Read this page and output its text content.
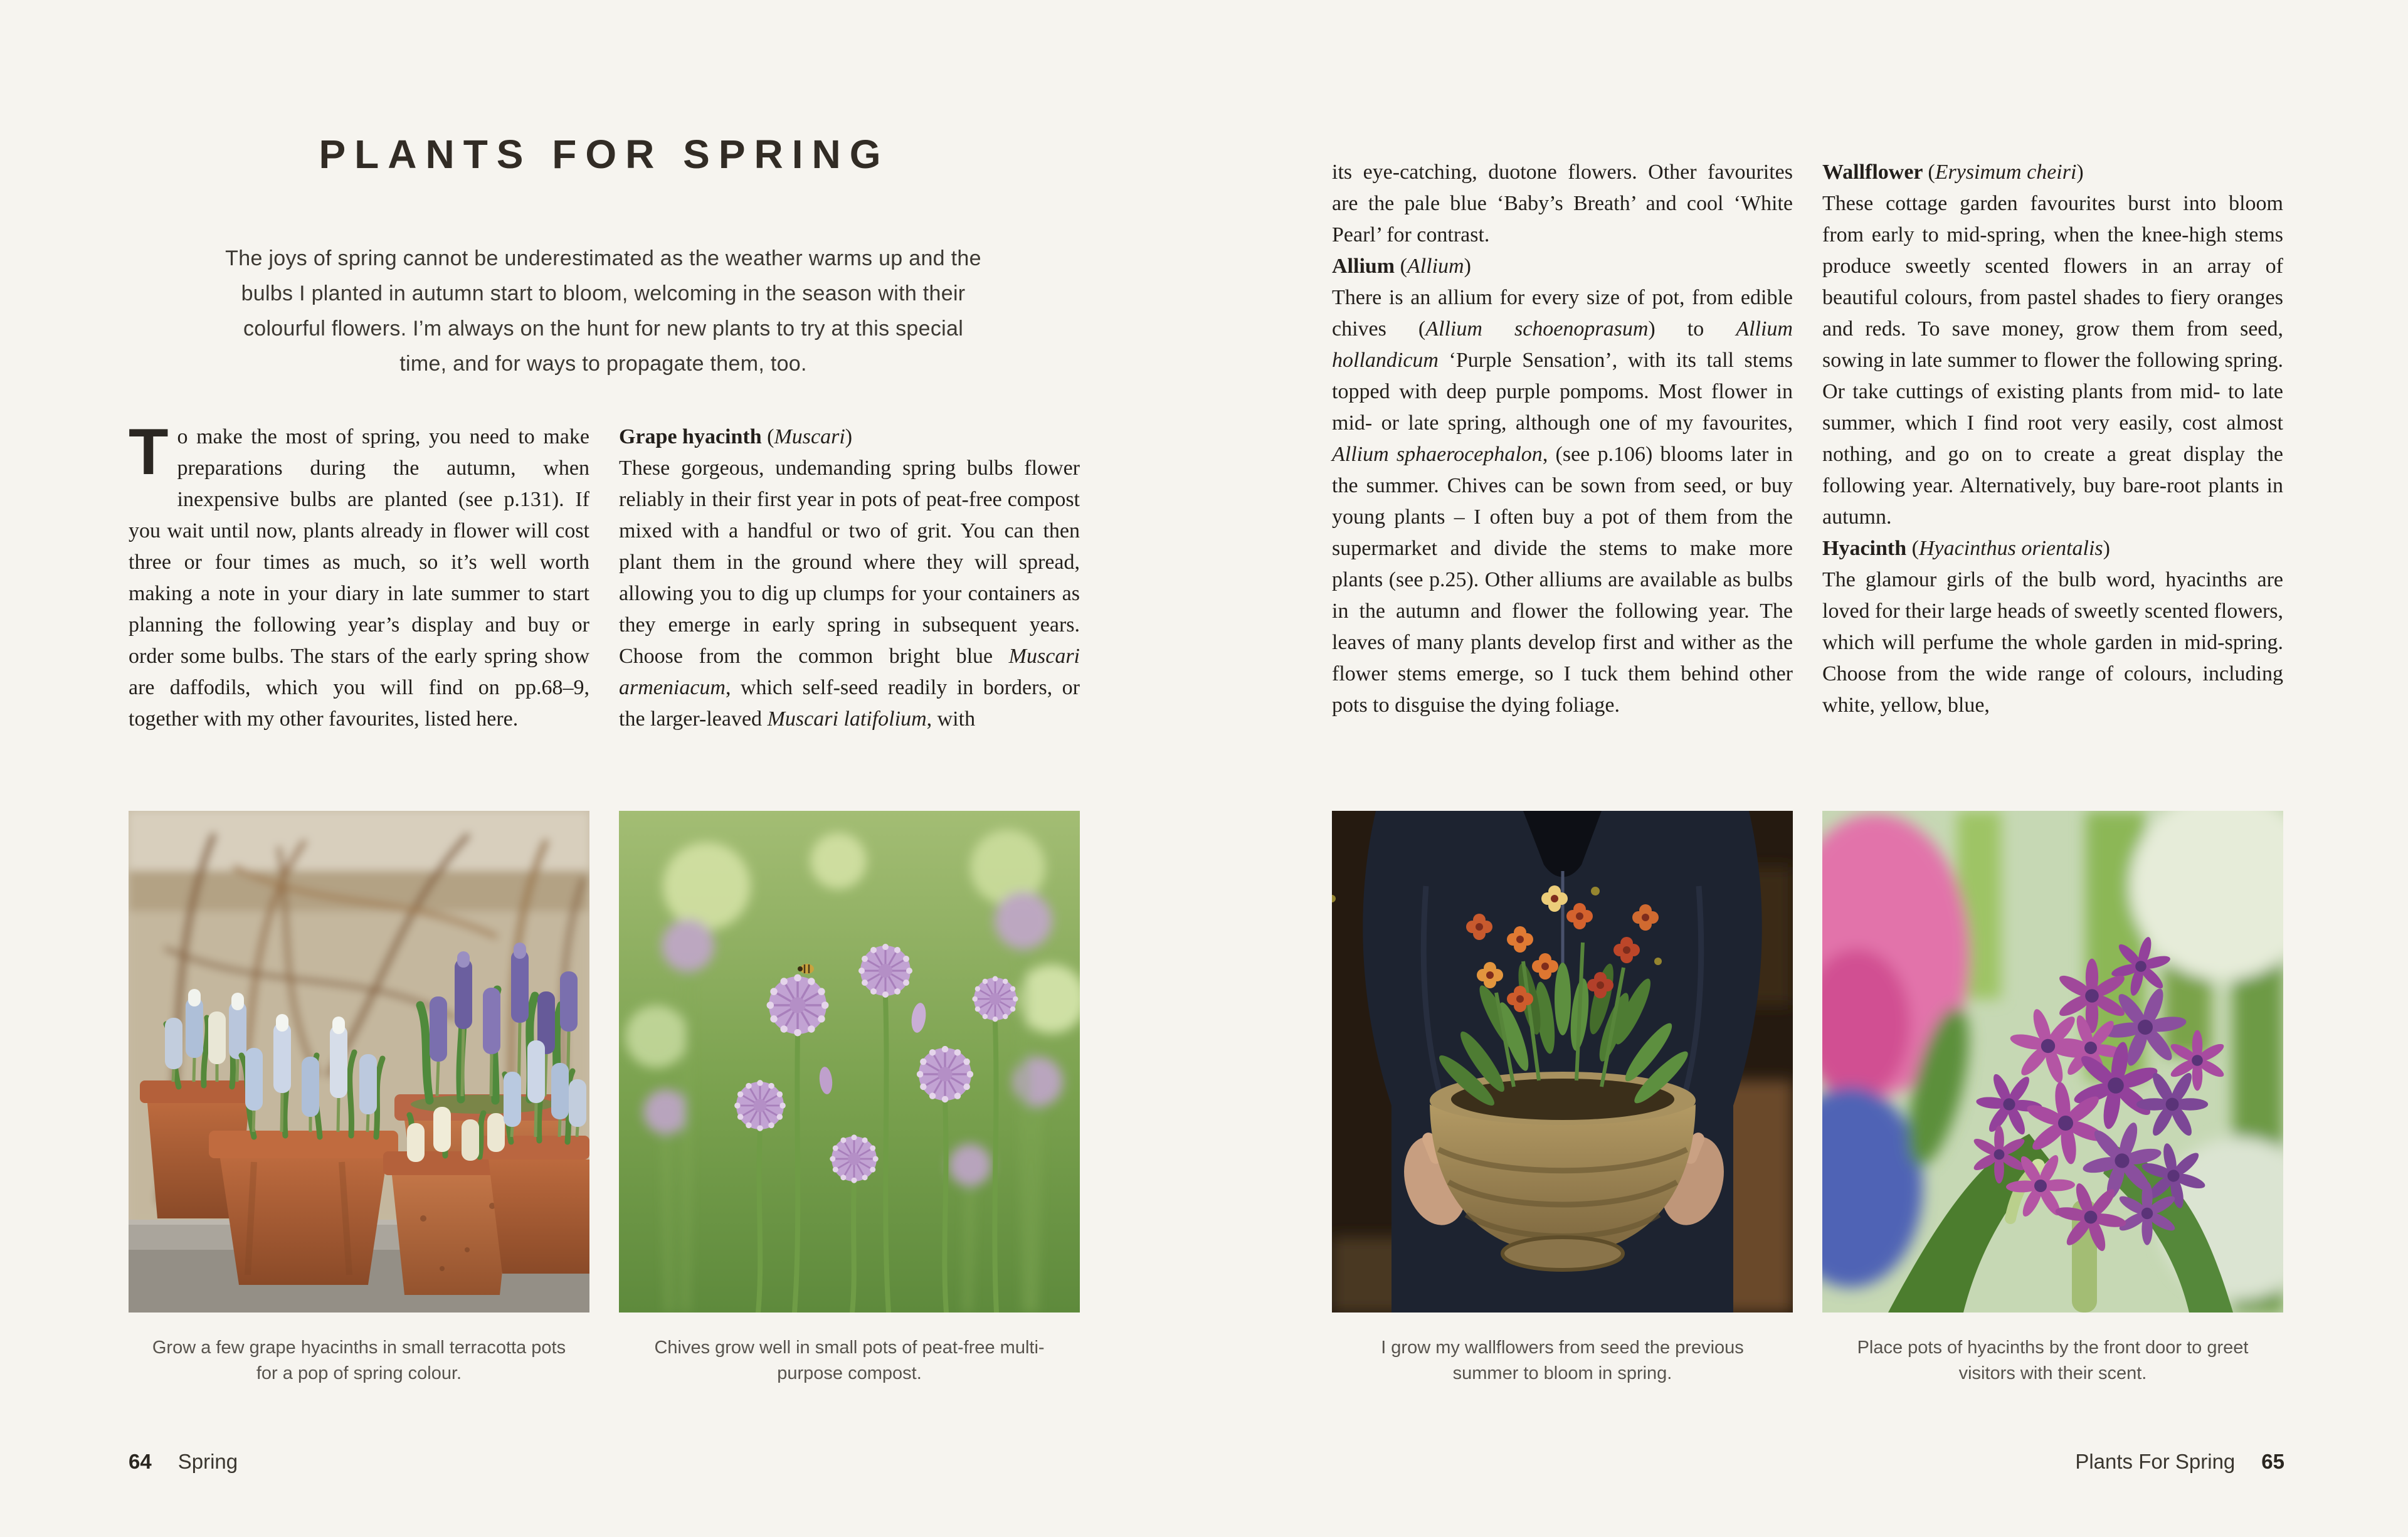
PLANTS FOR SPRING

The joys of spring cannot be underestimated as the weather warms up and the bulbs I planted in autumn start to bloom, welcoming in the season with their colourful flowers. I’m always on the hunt for new plants to try at this special time, and for ways to propagate them, too.

To make the most of spring, you need to make preparations during the autumn, when inexpensive bulbs are planted (see p.131). If you wait until now, plants already in flower will cost three or four times as much, so it’s well worth making a note in your diary in late summer to start planning the following year’s display and buy or order some bulbs. The stars of the early spring show are daffodils, which you will find on pp.68–9, together with my other favourites, listed here.

Grape hyacinth (Muscari)

These gorgeous, undemanding spring bulbs flower reliably in their first year in pots of peat-free compost mixed with a handful or two of grit. You can then plant them in the ground where they will spread, allowing you to dig up clumps for your containers as they emerge in early spring in subsequent years. Choose from the common bright blue Muscari armeniacum, which self-seed readily in borders, or the larger-leaved Muscari latifolium, with

Grow a few grape hyacinths in small terracotta pots for a pop of spring colour.
Chives grow well in small pots of peat-free multi-purpose compost.
64 Spring

its eye-catching, duotone flowers. Other favourites are the pale blue ‘Baby’s Breath’ and cool ‘White Pearl’ for contrast.

Allium (Allium)

There is an allium for every size of pot, from edible chives (Allium schoenoprasum) to Allium hollandicum ‘Purple Sensation’, with its tall stems topped with deep purple pompoms. Most flower in mid- or late spring, although one of my favourites, Allium sphaerocephalon, (see p.106) blooms later in the summer. Chives can be sown from seed, or buy young plants – I often buy a pot of them from the supermarket and divide the stems to make more plants (see p.25). Other alliums are available as bulbs in the autumn and flower the following year. The leaves of many plants develop first and wither as the flower stems emerge, so I tuck them behind other pots to disguise the dying foliage.

Wallflower (Erysimum cheiri)

These cottage garden favourites burst into bloom from early to mid-spring, when the knee-high stems produce sweetly scented flowers in an array of beautiful colours, from pastel shades to fiery oranges and reds. To save money, grow them from seed, sowing in late summer to flower the following spring. Or take cuttings of existing plants from mid- to late summer, which I find root very easily, cost almost nothing, and go on to create a great display the following year. Alternatively, buy bare-root plants in autumn.

Hyacinth (Hyacinthus orientalis)

The glamour girls of the bulb word, hyacinths are loved for their large heads of sweetly scented flowers, which will perfume the whole garden in mid-spring. Choose from the wide range of colours, including white, yellow, blue,

I grow my wallflowers from seed the previous summer to bloom in spring.
Place pots of hyacinths by the front door to greet visitors with their scent.
Plants For Spring 65
